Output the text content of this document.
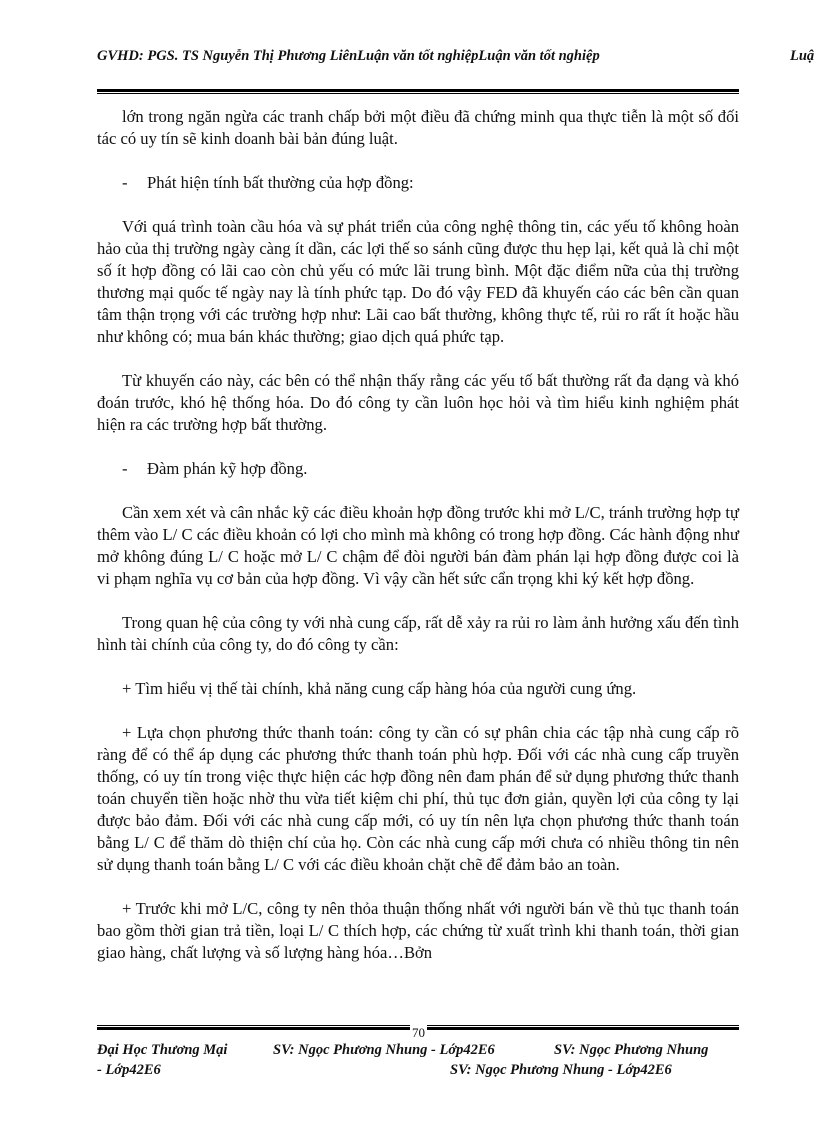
GVHD: PGS. TS Nguyễn Thị Phương LiênLuận văn tốt nghiệpLuận văn tốt nghiệp	Luậ

lớn trong ngăn ngừa các tranh chấp bởi một điều đã chứng minh qua thực tiễn là một số đối tác có uy tín sẽ kinh doanh bài bản đúng luật.

- Phát hiện tính bất thường của hợp đồng:

Với quá trình toàn cầu hóa và sự phát triển của công nghệ thông tin, các yếu tố không hoàn hảo của thị trường ngày càng ít dần, các lợi thế so sánh cũng được thu hẹp lại, kết quả là chỉ một số ít hợp đồng có lãi cao còn chủ yếu có mức lãi trung bình. Một đặc điểm nữa của thị trường thương mại quốc tế ngày nay là tính phức tạp. Do đó vậy FED đã khuyến cáo các bên cần quan tâm thận trọng với các trường hợp như: Lãi cao bất thường, không thực tế, rủi ro rất ít hoặc hầu như không có; mua bán khác thường; giao dịch quá phức tạp.

Từ khuyến cáo này, các bên có thể nhận thấy rằng các yếu tố bất thường rất đa dạng và khó đoán trước, khó hệ thống hóa. Do đó công ty cần luôn học hỏi và tìm hiểu kinh nghiệm phát hiện ra các trường hợp bất thường.

- Đàm phán kỹ hợp đồng.

Cần xem xét và cân nhắc kỹ các điều khoản hợp đồng trước khi mở L/C, tránh trường hợp tự thêm vào L/ C các điều khoản có lợi cho mình mà không có trong hợp đồng. Các hành động như mở không đúng L/ C hoặc mở L/ C chậm để đòi người bán đàm phán lại hợp đồng được coi là vi phạm nghĩa vụ cơ bản của hợp đồng. Vì vậy cần hết sức cẩn trọng khi ký kết hợp đồng.

Trong quan hệ của công ty với nhà cung cấp, rất dễ xảy ra rủi ro làm ảnh hưởng xấu đến tình hình tài chính của công ty, do đó công ty cần:

+ Tìm hiểu vị thế tài chính, khả năng cung cấp hàng hóa của người cung ứng.

+ Lựa chọn phương thức thanh toán: công ty cần có sự phân chia các tập nhà cung cấp rõ ràng để có thể áp dụng các phương thức thanh toán phù hợp. Đối với các nhà cung cấp truyền thống, có uy tín trong việc thực hiện các hợp đồng nên đam phán để sử dụng phương thức thanh toán chuyển tiền hoặc nhờ thu vừa tiết kiệm chi phí, thủ tục đơn giản, quyền lợi của công ty lại được bảo đảm. Đối với các nhà cung cấp mới, có uy tín nên lựa chọn phương thức thanh toán bằng L/ C để thăm dò thiện chí của họ. Còn các nhà cung cấp mới chưa có nhiều thông tin nên sử dụng thanh toán bằng L/ C với các điều khoản chặt chẽ để đảm bảo an toàn.

+ Trước khi mở L/C, công ty nên thỏa thuận thống nhất với người bán về thủ tục thanh toán bao gồm thời gian trả tiền, loại L/ C thích hợp, các chứng từ xuất trình khi thanh toán, thời gian giao hàng, chất lượng và số lượng hàng hóa…Bởn

70
Đại Học Thương Mại	SV: Ngọc Phương Nhung - Lớp42E6	SV: Ngọc Phương Nhung
- Lớp42E6	SV: Ngọc Phương Nhung - Lớp42E6
